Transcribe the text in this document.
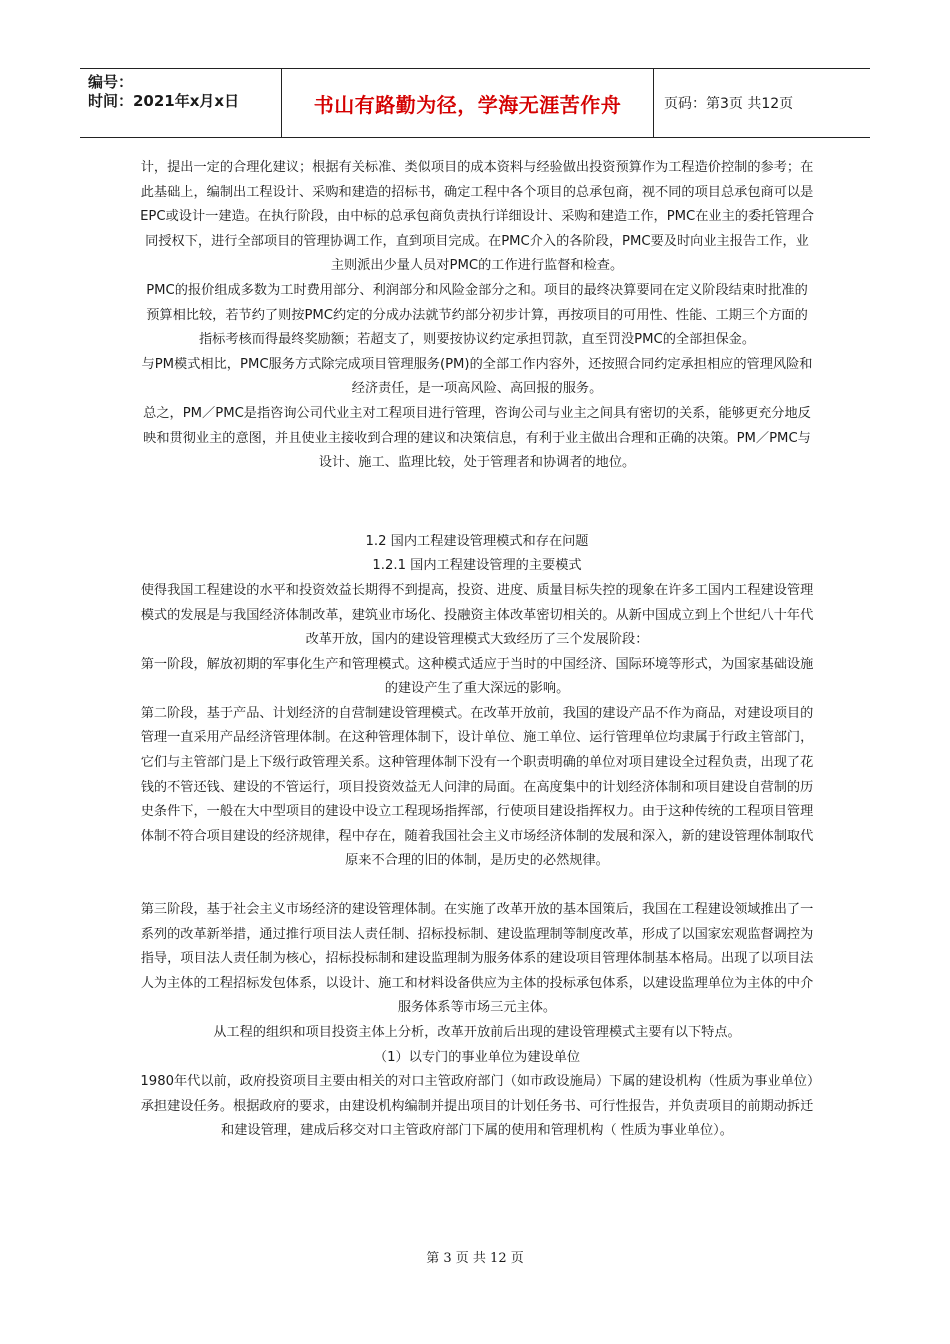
编号：
时间：2021年x月x日	书山有路勤为径，学海无涯苦作舟	页码：第3页 共12页

计，提出一定的合理化建议；根据有关标准、类似项目的成本资料与经验做出投资预算作为工程造价控制的参考；在此基础上，编制出工程设计、采购和建造的招标书，确定工程中各个项目的总承包商，视不同的项目总承包商可以是EPC或设计一建造。在执行阶段，由中标的总承包商负责执行详细设计、采购和建造工作，PMC在业主的委托管理合同授权下，进行全部项目的管理协调工作，直到项目完成。在PMC介入的各阶段，PMC要及时向业主报告工作，业主则派出少量人员对PMC的工作进行监督和检查。

PMC的报价组成多数为工时费用部分、利润部分和风险金部分之和。项目的最终决算要同在定义阶段结束时批准的预算相比较，若节约了则按PMC约定的分成办法就节约部分初步计算，再按项目的可用性、性能、工期三个方面的指标考核而得最终奖励额；若超支了，则要按协议约定承担罚款，直至罚没PMC的全部担保金。

与PM模式相比，PMC服务方式除完成项目管理服务(PM)的全部工作内容外，还按照合同约定承担相应的管理风险和经济责任，是一项高风险、高回报的服务。

总之，PM／PMC是指咨询公司代业主对工程项目进行管理，咨询公司与业主之间具有密切的关系，能够更充分地反映和贯彻业主的意图，并且使业主接收到合理的建议和决策信息，有利于业主做出合理和正确的决策。PM／PMC与设计、施工、监理比较，处于管理者和协调者的地位。

1.2 国内工程建设管理模式和存在问题

1.2.1 国内工程建设管理的主要模式

使得我国工程建设的水平和投资效益长期得不到提高，投资、进度、质量目标失控的现象在许多工国内工程建设管理模式的发展是与我国经济体制改革，建筑业市场化、投融资主体改革密切相关的。从新中国成立到上个世纪八十年代改革开放，国内的建设管理模式大致经历了三个发展阶段：

第一阶段，解放初期的军事化生产和管理模式。这种模式适应于当时的中国经济、国际环境等形式，为国家基础设施的建设产生了重大深远的影响。

第二阶段，基于产品、计划经济的自营制建设管理模式。在改革开放前，我国的建设产品不作为商品，对建设项目的管理一直采用产品经济管理体制。在这种管理体制下，设计单位、施工单位、运行管理单位均隶属于行政主管部门，它们与主管部门是上下级行政管理关系。这种管理体制下没有一个职责明确的单位对项目建设全过程负责，出现了花钱的不管还钱、建设的不管运行，项目投资效益无人问津的局面。在高度集中的计划经济体制和项目建设自营制的历史条件下，一般在大中型项目的建设中设立工程现场指挥部，行使项目建设指挥权力。由于这种传统的工程项目管理体制不符合项目建设的经济规律，程中存在，随着我国社会主义市场经济体制的发展和深入，新的建设管理体制取代原来不合理的旧的体制，是历史的必然规律。

第三阶段，基于社会主义市场经济的建设管理体制。在实施了改革开放的基本国策后，我国在工程建设领域推出了一系列的改革新举措，通过推行项目法人责任制、招标投标制、建设监理制等制度改革，形成了以国家宏观监督调控为指导，项目法人责任制为核心，招标投标制和建设监理制为服务体系的建设项目管理体制基本格局。出现了以项目法人为主体的工程招标发包体系，以设计、施工和材料设备供应为主体的投标承包体系，以建设监理单位为主体的中介服务体系等市场三元主体。

从工程的组织和项目投资主体上分析，改革开放前后出现的建设管理模式主要有以下特点。

（1）以专门的事业单位为建设单位

1980年代以前，政府投资项目主要由相关的对口主管政府部门（如市政设施局）下属的建设机构（性质为事业单位）承担建设任务。根据政府的要求，由建设机构编制并提出项目的计划任务书、可行性报告，并负责项目的前期动拆迁和建设管理，建成后移交对口主管政府部门下属的使用和管理机构（ 性质为事业单位）。

第 3 页 共 12 页
